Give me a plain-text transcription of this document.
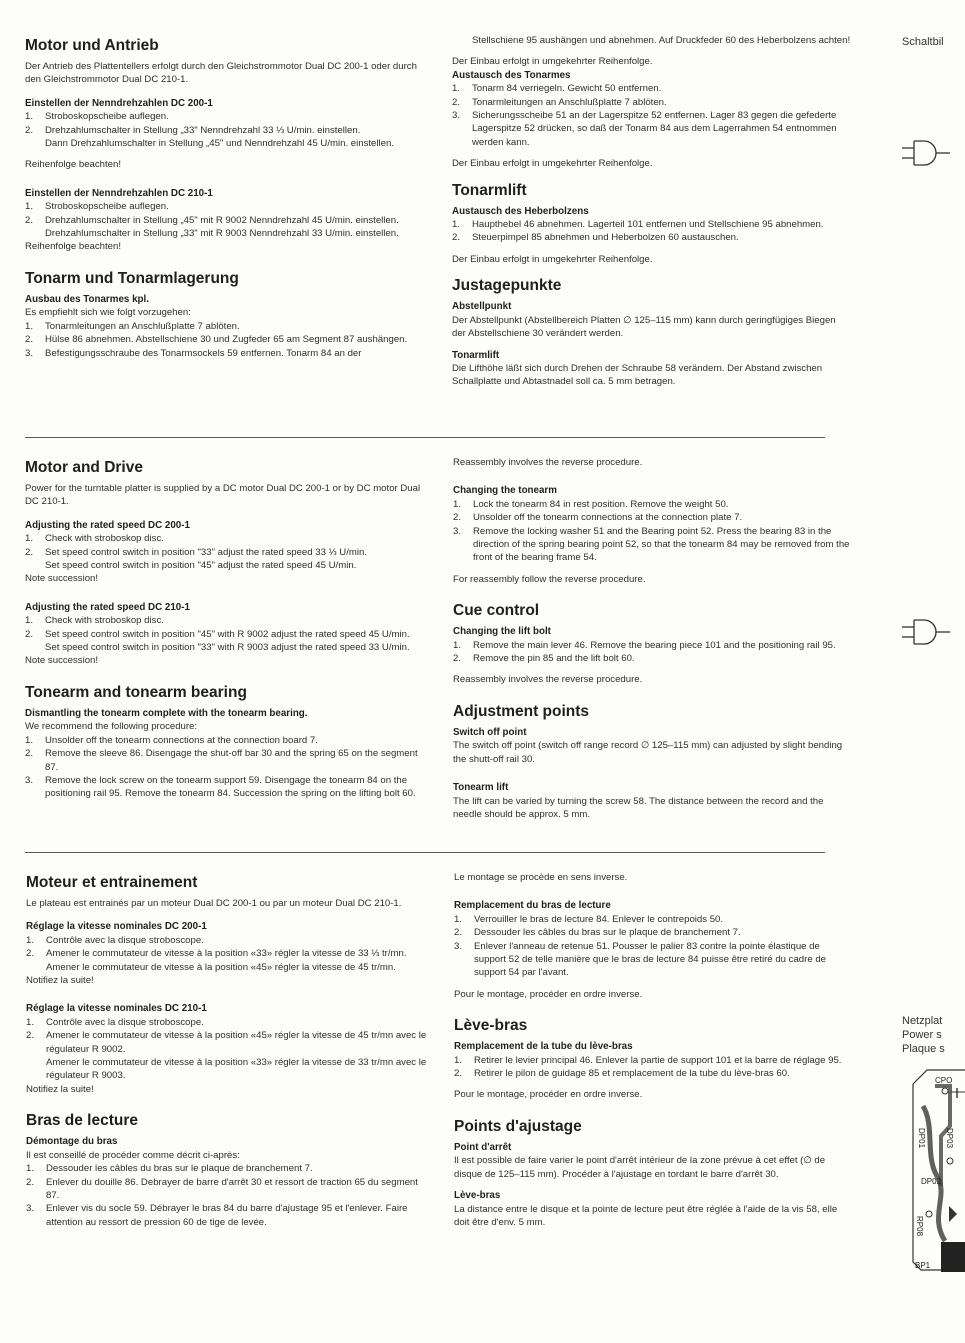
Motor und Antrieb
Der Antrieb des Plattentellers erfolgt durch den Gleichstrommotor Dual DC 200-1 oder durch den Gleichstrommotor Dual DC 210-1.
Einstellen der Nenndrehzahlen DC 200-1
1. Stroboskopscheibe auflegen.
2. Drehzahlumschalter in Stellung „33" Nenndrehzahl 33 ⅓ U/min. einstellen.
Dann Drehzahlumschalter in Stellung „45" und Nenndrehzahl 45 U/min. einstellen.
Reihenfolge beachten!
Einstellen der Nenndrehzahlen DC 210-1
1. Stroboskopscheibe auflegen.
2. Drehzahlumschalter in Stellung „45" mit R 9002 Nenndrehzahl 45 U/min. einstellen.
Drehzahlumschalter in Stellung „33" mit R 9003 Nenndrehzahl 33 U/min. einstellen.
Reihenfolge beachten!
Tonarm und Tonarmlagerung
Ausbau des Tonarmes kpl.
Es empfiehlt sich wie folgt vorzugehen:
1. Tonarmleitungen an Anschlußplatte 7 ablöten.
2. Hülse 86 abnehmen. Abstellschiene 30 und Zugfeder 65 am Segment 87 aushängen.
3. Befestigungsschraube des Tonarmsockels 59 entfernen. Tonarm 84 an der
Stellschiene 95 aushängen und abnehmen. Auf Druckfeder 60 des Heberbolzens achten!
Der Einbau erfolgt in umgekehrter Reihenfolge.
Austausch des Tonarmes
1. Tonarm 84 verriegeln. Gewicht 50 entfernen.
2. Tonarmleitungen an Anschlußplatte 7 ablöten.
3. Sicherungsscheibe 51 an der Lagerspitze 52 entfernen. Lager 83 gegen die gefederte Lagerspitze 52 drücken, so daß der Tonarm 84 aus dem Lagerrahmen 54 entnommen werden kann.
Der Einbau erfolgt in umgekehrter Reihenfolge.
Tonarmlift
Austausch des Heberbolzens
1. Haupthebel 46 abnehmen. Lagerteil 101 entfernen und Stellschiene 95 abnehmen.
2. Steuerpimpel 85 abnehmen und Heberbolzen 60 austauschen.
Der Einbau erfolgt in umgekehrter Reihenfolge.
Justagepunkte
Abstellpunkt
Der Abstellpunkt (Abstellbereich Platten ∅ 125–115 mm) kann durch geringfügiges Biegen der Abstellschiene 30 verändert werden.
Tonarmlift
Die Lifthöhe läßt sich durch Drehen der Schraube 58 verändern. Der Abstand zwischen Schallplatte und Abtastnadel soll ca. 5 mm betragen.
Motor and Drive
Power for the turntable platter is supplied by a DC motor Dual DC 200-1 or by DC motor Dual DC 210-1.
Adjusting the rated speed DC 200-1
1. Check with stroboskop disc.
2. Set speed control switch in position "33" adjust the rated speed 33 ⅓ U/min.
Set speed control switch in position "45" adjust the rated speed 45 U/min.
Note succession!
Adjusting the rated speed DC 210-1
1. Check with stroboskop disc.
2. Set speed control switch in position "45" with R 9002 adjust the rated speed 45 U/min.
Set speed control switch in position "33" with R 9003 adjust the rated speed 33 U/min.
Note succession!
Tonearm and tonearm bearing
Dismantling the tonearm complete with the tonearm bearing.
We recommend the following procedure:
1. Unsolder off the tonearm connections at the connection board 7.
2. Remove the sleeve 86. Disengage the shut-off bar 30 and the spring 65 on the segment 87.
3. Remove the lock screw on the tonearm support 59. Disengage the tonearm 84 on the positioning rail 95. Remove the tonearm 84. Succession the spring on the lifting bolt 60.
Reassembly involves the reverse procedure.
Changing the tonearm
1. Lock the tonearm 84 in rest position. Remove the weight 50.
2. Unsolder off the tonearm connections at the connection plate 7.
3. Remove the locking washer 51 and the Bearing point 52. Press the bearing 83 in the direction of the spring bearing point 52, so that the tonearm 84 may be removed from the front of the bearing frame 54.
For reassembly follow the reverse procedure.
Cue control
Changing the lift bolt
1. Remove the main lever 46. Remove the bearing piece 101 and the positioning rail 95.
2. Remove the pin 85 and the lift bolt 60.
Reassembly involves the reverse procedure.
Adjustment points
Switch off point
The switch off point (switch off range record ∅ 125–115 mm) can adjusted by slight bending the shutt-off rail 30.
Tonearm lift
The lift can be varied by turning the screw 58. The distance between the record and the needle should be approx. 5 mm.
Moteur et entrainement
Le plateau est entrainés par un moteur Dual DC 200-1 ou par un moteur Dual DC 210-1.
Réglage la vitesse nominales DC 200-1
1. Contrôle avec la disque stroboscope.
2. Amener le commutateur de vitesse à la position «33» régler la vitesse de 33 ⅓ tr/mn.
Amener le commutateur de vitesse à la position «45» régler la vitesse de 45 tr/mn.
Notifiez la suite!
Réglage la vitesse nominales DC 210-1
1. Contrôle avec la disque stroboscope.
2. Amener le commutateur de vitesse à la position «45» régler la vitesse de 45 tr/mn avec le régulateur R 9002.
Amener le commutateur de vitesse à la position «33» régler la vitesse de 33 tr/mn avec le régulateur R 9003.
Notifiez la suite!
Bras de lecture
Démontage du bras
Il est conseillé de procéder comme décrit ci-après:
1. Dessouder les câbles du bras sur le plaque de branchement 7.
2. Enlever du douille 86. Debrayer de barre d'arrêt 30 et ressort de traction 65 du segment 87.
3. Enlever vis du socle 59. Débrayer le bras 84 du barre d'ajustage 95 et l'enlever. Faire attention au ressort de pression 60 de tige de levée.
Le montage se procède en sens inverse.
Remplacement du bras de lecture
1. Verrouiller le bras de lecture 84. Enlever le contrepoids 50.
2. Dessouder les câbles du bras sur le plaque de branchement 7.
3. Enlever l'anneau de retenue 51. Pousser le palier 83 contre la pointe élastique de support 52 de telle manière que le bras de lecture 84 puisse être retiré du cadre de support 54 par l'avant.
Pour le montage, procéder en ordre inverse.
Lève-bras
Remplacement de la tube du lève-bras
1. Retirer le levier principal 46. Enlever la partie de support 101 et la barre de réglage 95.
2. Retirer le pilon de guidage 85 et remplacement de la tube du lève-bras 60.
Pour le montage, procéder en ordre inverse.
Points d'ajustage
Point d'arrêt
Il est possible de faire varier le point d'arrêt intérieur de la zone prévue à cet effet (∅ de disque de 125–115 mm). Procéder à l'ajustage en tordant le barre d'arrêt 30.
Lève-bras
La distance entre le disque et la pointe de lecture peut être réglée à l'aide de la vis 58, elle doit être d'env. 5 mm.
Schaltbil
Netzplat
Power s
Plaque s
CPO
DP01 DP03
DP02
RP08
BP1
